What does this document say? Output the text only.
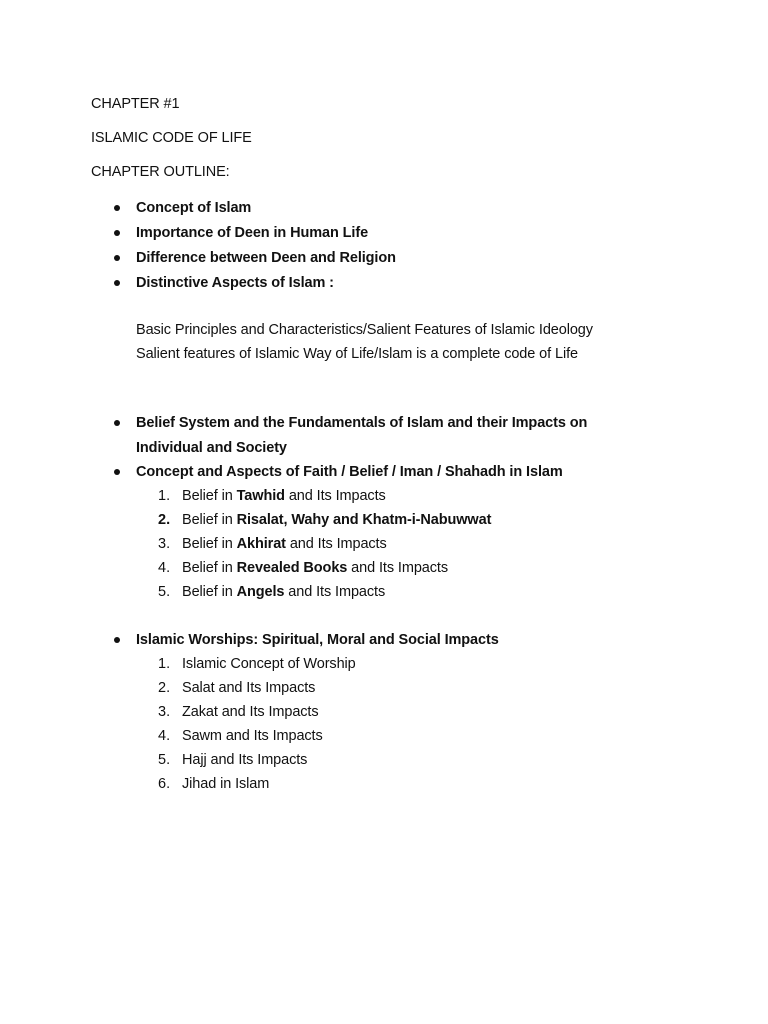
CHAPTER #1
ISLAMIC CODE OF LIFE
CHAPTER OUTLINE:
Concept of Islam
Importance of Deen in Human Life
Difference between Deen and Religion
Distinctive Aspects of Islam :
Basic Principles and Characteristics/Salient Features of Islamic Ideology
Salient features of Islamic Way of Life/Islam is a complete code of Life
Belief System and the Fundamentals of Islam and their Impacts on
Individual and Society
Concept and Aspects of Faith / Belief / Iman / Shahadh in Islam
1. Belief in Tawhid and Its Impacts
2. Belief in Risalat, Wahy and Khatm-i-Nabuwwat
3. Belief in Akhirat and Its Impacts
4. Belief in Revealed Books and Its Impacts
5. Belief in Angels and Its Impacts
Islamic Worships: Spiritual, Moral and Social Impacts
1. Islamic Concept of Worship
2. Salat and Its Impacts
3. Zakat and Its Impacts
4. Sawm and Its Impacts
5. Hajj and Its Impacts
6. Jihad in Islam
